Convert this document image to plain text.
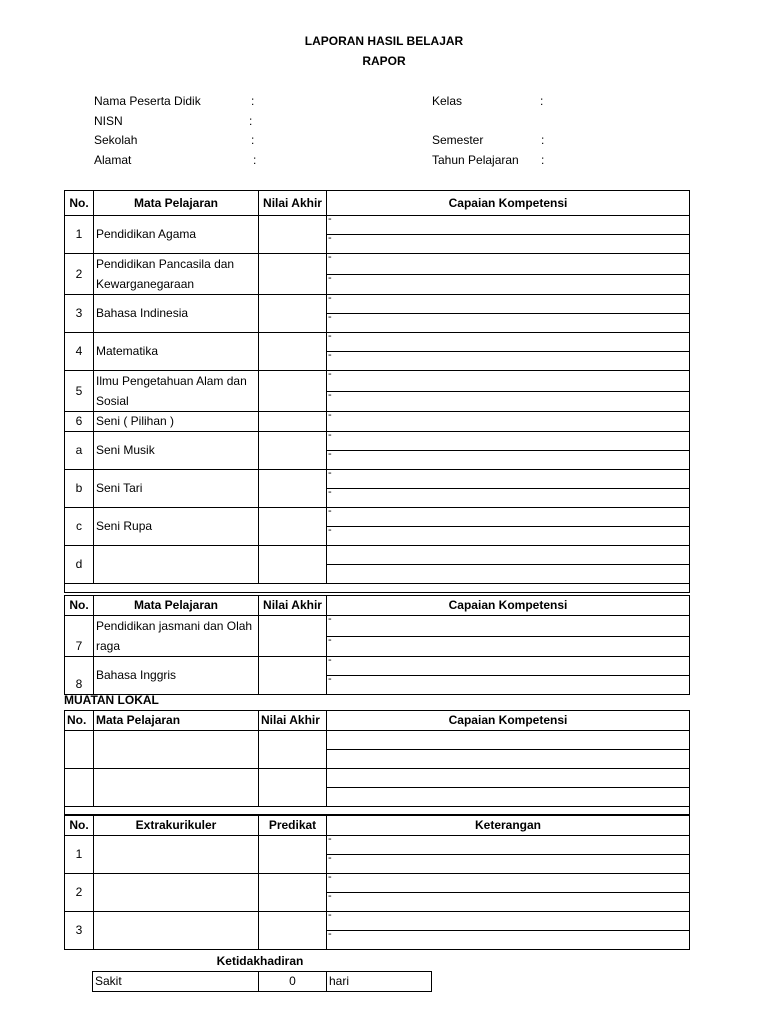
LAPORAN HASIL BELAJAR
RAPOR
Nama Peserta Didik	:
NISN	:
Sekolah	:
Alamat	:
Kelas	:
Semester	:
Tahun Pelajaran :
No.	Mata Pelajaran	Nilai Akhir	Capaian Kompetensi
1	Pendidikan Agama		-
			-
2	Pendidikan Pancasila dan Kewarganegaraan		-
			-
3	Bahasa Indinesia		-
			-
4	Matematika		-
			-
5	Ilmu Pengetahuan Alam dan Sosial		-
			-
6	Seni ( Pilihan )		-
a	Seni Musik		-
			-
b	Seni Tari		-
			-
c	Seni Rupa		-
			-
d			

No.	Mata Pelajaran	Nilai Akhir	Capaian Kompetensi
7	Pendidikan jasmani dan Olah raga		-
			-
8	Bahasa Inggris		-
			-
MUATAN LOKAL
No.	Mata Pelajaran	Nilai Akhir	Capaian Kompetensi

No.	Extrakurikuler	Predikat	Keterangan
1			-
			-
2			-
			-
3			-
			-
Ketidakhadiran
Sakit	0	hari
